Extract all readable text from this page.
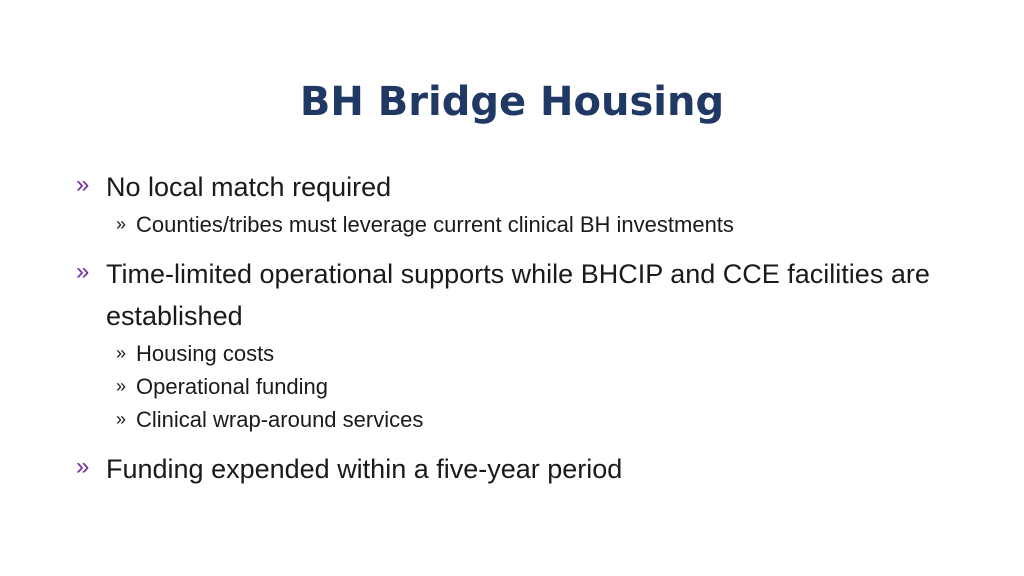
BH Bridge Housing
» No local match required
» Counties/tribes must leverage current clinical BH investments
» Time-limited operational supports while BHCIP and CCE facilities are established
» Housing costs
» Operational funding
» Clinical wrap-around services
» Funding expended within a five-year period
